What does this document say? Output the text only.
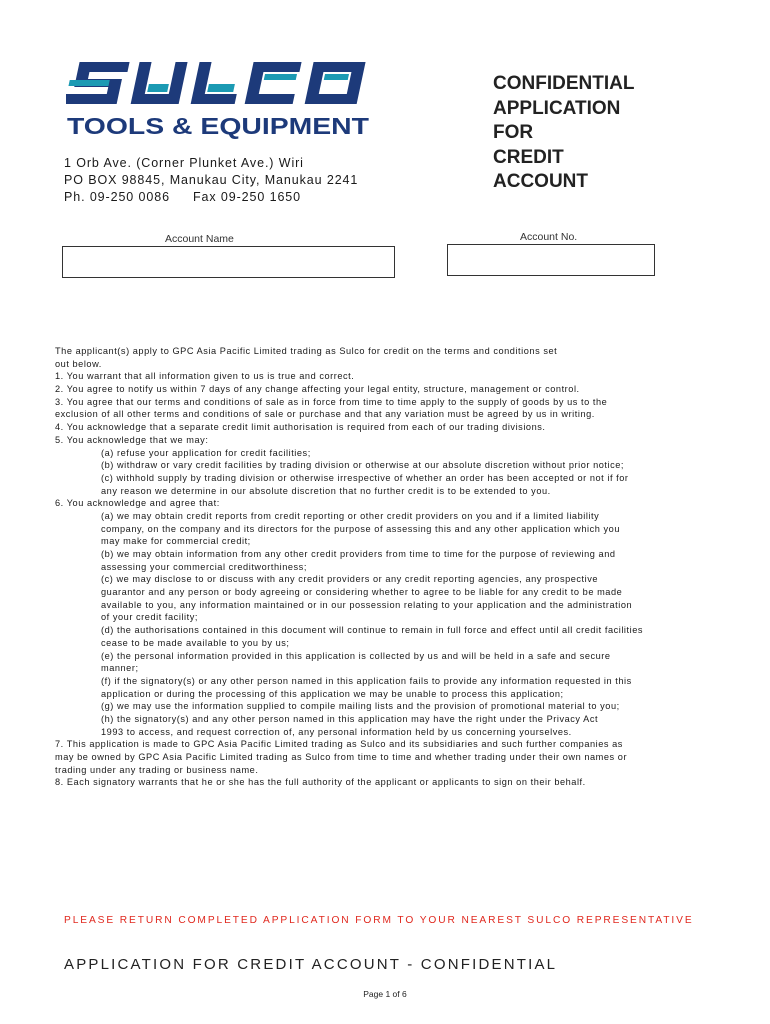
TOOLS & EQUIPMENT
1 Orb Ave. (Corner Plunket Ave.) Wiri
PO BOX 98845, Manukau City, Manukau 2241
Ph. 09-250 0086 Fax 09-250 1650
CONFIDENTIAL
APPLICATION
FOR
CREDIT
ACCOUNT
Account Name	Account No.
The applicant(s) apply to GPC Asia Pacific Limited trading as Sulco for credit on the terms and conditions set
out below.
1. You warrant that all information given to us is true and correct.
2. You agree to notify us within 7 days of any change affecting your legal entity, structure, management or control.
3. You agree that our terms and conditions of sale as in force from time to time apply to the supply of goods by us to the
exclusion of all other terms and conditions of sale or purchase and that any variation must be agreed by us in writing.
4. You acknowledge that a separate credit limit authorisation is required from each of our trading divisions.
5. You acknowledge that we may:
(a) refuse your application for credit facilities;
(b) withdraw or vary credit facilities by trading division or otherwise at our absolute discretion without prior notice;
(c) withhold supply by trading division or otherwise irrespective of whether an order has been accepted or not if for
any reason we determine in our absolute discretion that no further credit is to be extended to you.
6. You acknowledge and agree that:
(a) we may obtain credit reports from credit reporting or other credit providers on you and if a limited liability
company, on the company and its directors for the purpose of assessing this and any other application which you
may make for commercial credit;
(b) we may obtain information from any other credit providers from time to time for the purpose of reviewing and
assessing your commercial creditworthiness;
(c) we may disclose to or discuss with any credit providers or any credit reporting agencies, any prospective
guarantor and any person or body agreeing or considering whether to agree to be liable for any credit to be made
available to you, any information maintained or in our possession relating to your application and the administration
of your credit facility;
(d) the authorisations contained in this document will continue to remain in full force and effect until all credit facilities
cease to be made available to you by us;
(e) the personal information provided in this application is collected by us and will be held in a safe and secure
manner;
(f) if the signatory(s) or any other person named in this application fails to provide any information requested in this
application or during the processing of this application we may be unable to process this application;
(g) we may use the information supplied to compile mailing lists and the provision of promotional material to you;
(h) the signatory(s) and any other person named in this application may have the right under the Privacy Act
1993 to access, and request correction of, any personal information held by us concerning yourselves.
7. This application is made to GPC Asia Pacific Limited trading as Sulco and its subsidiaries and such further companies as
may be owned by GPC Asia Pacific Limited trading as Sulco from time to time and whether trading under their own names or
trading under any trading or business name.
8. Each signatory warrants that he or she has the full authority of the applicant or applicants to sign on their behalf.
PLEASE RETURN COMPLETED APPLICATION FORM TO YOUR NEAREST SULCO REPRESENTATIVE
APPLICATION FOR CREDIT ACCOUNT - CONFIDENTIAL
Page 1 of 6
